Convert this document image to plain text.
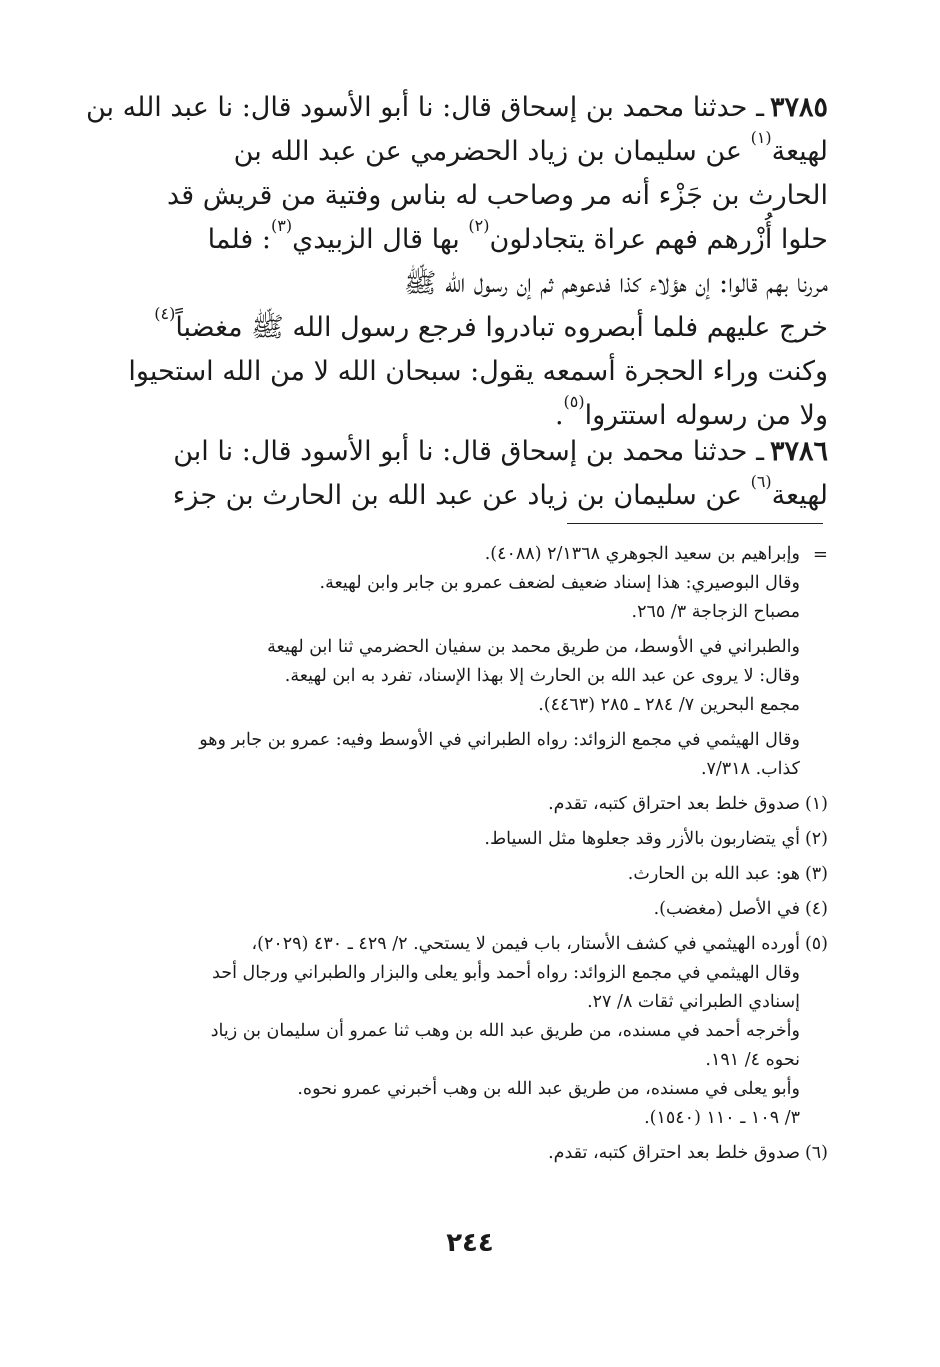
٣٧٨٥ـ حدثنا محمد بن إسحاق قال: نا أبو الأسود قال: نا عبد الله بن
لهيعة$^{(١)}$ عن سليمان بن زياد الحضرمي عن عبد الله بن
الحارث بن جَزْء أنه مر وصاحب له بناس وفتية من قريش قد
حلوا أُزْرهم فهم عراة يتجادلون$^{(٢)}$ بها قال الزبيدي$^{(٣)}$: فلما
مررنا بهم قالوا: إن هؤلاء كذا فدعوهم ثم إن رسول الله ﷺ
خرج عليهم فلما أبصروه تبادروا فرجع رسول الله ﷺ مغضباً$^{(٤)}$
وكنت وراء الحجرة أسمعه يقول: سبحان الله لا من الله استحيوا
ولا من رسوله استتروا$^{(٥)}$.
٣٧٨٦ـ حدثنا محمد بن إسحاق قال: نا أبو الأسود قال: نا ابن
لهيعة$^{(٦)}$ عن سليمان بن زياد عن عبد الله بن الحارث بن جزء
=
وإبراهيم بن سعيد الجوهري ٢/١٣٦٨ (٤٠٨٨).
وقال البوصيري: هذا إسناد ضعيف لضعف عمرو بن جابر وابن لهيعة.
مصباح الزجاجة ٣/ ٢٦٥.
والطبراني في الأوسط، من طريق محمد بن سفيان الحضرمي ثنا ابن لهيعة
وقال: لا يروى عن عبد الله بن الحارث إلا بهذا الإسناد، تفرد به ابن لهيعة.
مجمع البحرين ٧/ ٢٨٤ ـ ٢٨٥ (٤٤٦٣).
وقال الهيثمي في مجمع الزوائد: رواه الطبراني في الأوسط وفيه: عمرو بن جابر وهو
كذاب. ٧/٣١٨.
(١)
صدوق خلط بعد احتراق كتبه، تقدم.
(٢)
أي يتضاربون بالأزر وقد جعلوها مثل السياط.
(٣)
هو: عبد الله بن الحارث.
(٤)
في الأصل (مغضب).
(٥)
أورده الهيثمي في كشف الأستار، باب فيمن لا يستحي. ٢/ ٤٢٩ ـ ٤٣٠ (٢٠٢٩)،
وقال الهيثمي في مجمع الزوائد: رواه أحمد وأبو يعلى والبزار والطبراني ورجال أحد
إسنادي الطبراني ثقات ٨/ ٢٧.
وأخرجه أحمد في مسنده، من طريق عبد الله بن وهب ثنا عمرو أن سليمان بن زياد
نحوه ٤/ ١٩١.
وأبو يعلى في مسنده، من طريق عبد الله بن وهب أخبرني عمرو نحوه.
٣/ ١٠٩ ـ ١١٠ (١٥٤٠).
(٦)
صدوق خلط بعد احتراق كتبه، تقدم.
٢٤٤
